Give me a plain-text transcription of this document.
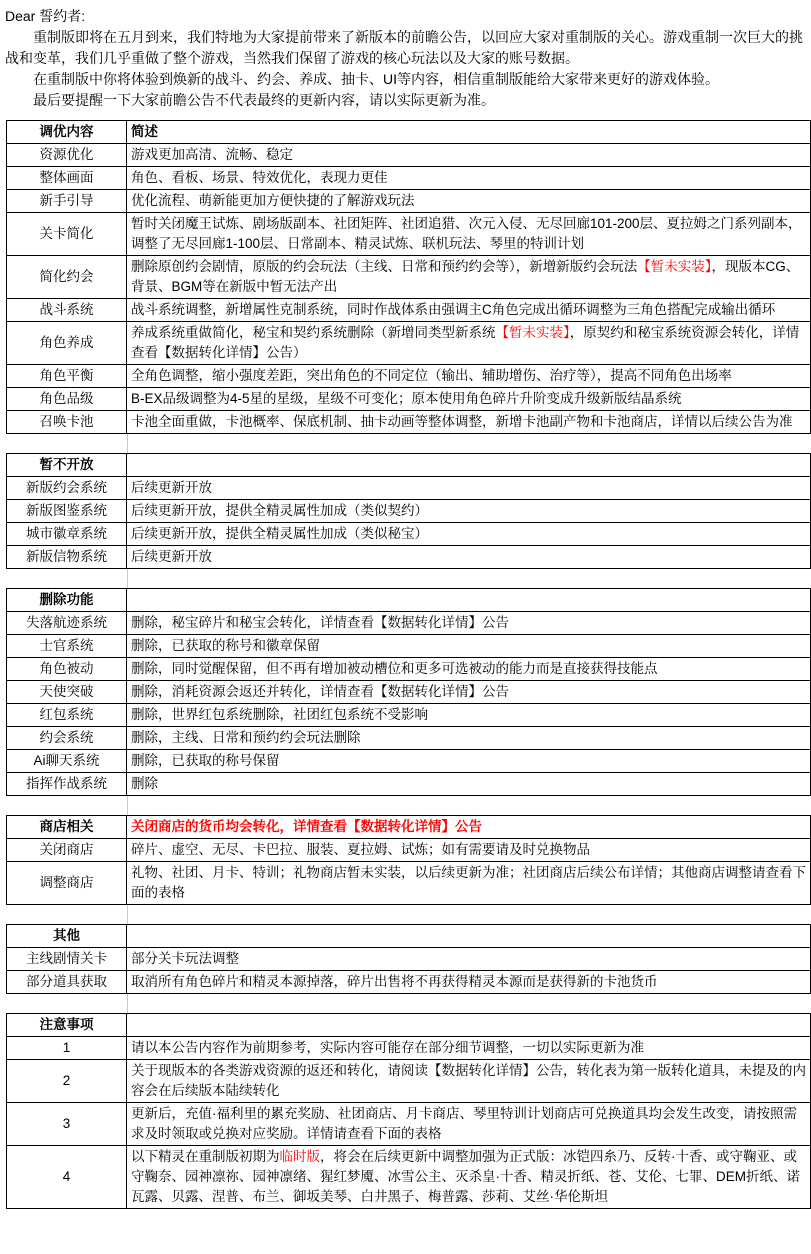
Dear 誓约者:

重制版即将在五月到来，我们特地为大家提前带来了新版本的前瞻公告，以回应大家对重制版的关心。游戏重制一次巨大的挑战和变革，我们几乎重做了整个游戏，当然我们保留了游戏的核心玩法以及大家的账号数据。

在重制版中你将体验到焕新的战斗、约会、养成、抽卡、UI等内容，相信重制版能给大家带来更好的游戏体验。

最后要提醒一下大家前瞻公告不代表最终的更新内容，请以实际更新为准。

调优内容	简述
资源优化	游戏更加高清、流畅、稳定
整体画面	角色、看板、场景、特效优化，表现力更佳
新手引导	优化流程、萌新能更加方便快捷的了解游戏玩法
关卡简化	暂时关闭魔王试炼、剧场版副本、社团矩阵、社团追猎、次元入侵、无尽回廊101-200层、夏拉姆之门系列副本，调整了无尽回廊1-100层、日常副本、精灵试炼、联机玩法、琴里的特训计划
简化约会	删除原创约会剧情，原版的约会玩法（主线、日常和预约约会等），新增新版约会玩法【暂未实装】，现版本CG、背景、BGM等在新版中暂无法产出
战斗系统	战斗系统调整，新增属性克制系统，同时作战体系由强调主C角色完成出循环调整为三角色搭配完成输出循环
角色养成	养成系统重做简化，秘宝和契约系统删除（新增同类型新系统【暂未实装】，原契约和秘宝系统资源会转化，详情查看【数据转化详情】公告）
角色平衡	全角色调整，缩小强度差距，突出角色的不同定位（输出、辅助增伤、治疗等），提高不同角色出场率
角色品级	B-EX品级调整为4-5星的星级，星级不可变化；原本使用角色碎片升阶变成升级新版结晶系统
召唤卡池	卡池全面重做，卡池概率、保底机制、抽卡动画等整体调整，新增卡池副产物和卡池商店，详情以后续公告为准
暂不开放	
新版约会系统	后续更新开放
新版图鉴系统	后续更新开放，提供全精灵属性加成（类似契约）
城市徽章系统	后续更新开放，提供全精灵属性加成（类似秘宝）
新版信物系统	后续更新开放
删除功能	
失落航迹系统	删除，秘宝碎片和秘宝会转化，详情查看【数据转化详情】公告
士官系统	删除，已获取的称号和徽章保留
角色被动	删除，同时觉醒保留，但不再有增加被动槽位和更多可选被动的能力而是直接获得技能点
天使突破	删除，消耗资源会返还并转化，详情查看【数据转化详情】公告
红包系统	删除，世界红包系统删除，社团红包系统不受影响
约会系统	删除，主线、日常和预约约会玩法删除
Ai聊天系统	删除，已获取的称号保留
指挥作战系统	删除
商店相关	关闭商店的货币均会转化，详情查看【数据转化详情】公告
关闭商店	碎片、虚空、无尽、卡巴拉、服装、夏拉姆、试炼；如有需要请及时兑换物品
调整商店	礼物、社团、月卡、特训；礼物商店暂未实装，以后续更新为准；社团商店后续公布详情；其他商店调整请查看下面的表格
其他	
主线剧情关卡	部分关卡玩法调整
部分道具获取	取消所有角色碎片和精灵本源掉落，碎片出售将不再获得精灵本源而是获得新的卡池货币
注意事项	
1	请以本公告内容作为前期参考，实际内容可能存在部分细节调整，一切以实际更新为准
2	关于现版本的各类游戏资源的返还和转化，请阅读【数据转化详情】公告，转化表为第一版转化道具，未提及的内容会在后续版本陆续转化
3	更新后，充值·福利里的累充奖励、社团商店、月卡商店、琴里特训计划商店可兑换道具均会发生改变，请按照需求及时领取或兑换对应奖励。详情请查看下面的表格
4	以下精灵在重制版初期为临时版，将会在后续更新中调整加强为正式版：冰铠四糸乃、反转·十香、或守鞠亚、或守鞠奈、园神凛祢、园神凛绪、猩红梦魇、冰雪公主、灭杀皇·十香、精灵折纸、苍、艾伦、七罪、DEM折纸、诺瓦露、贝露、涅普、布兰、御坂美琴、白井黑子、梅普露、莎莉、艾丝·华伦斯坦
